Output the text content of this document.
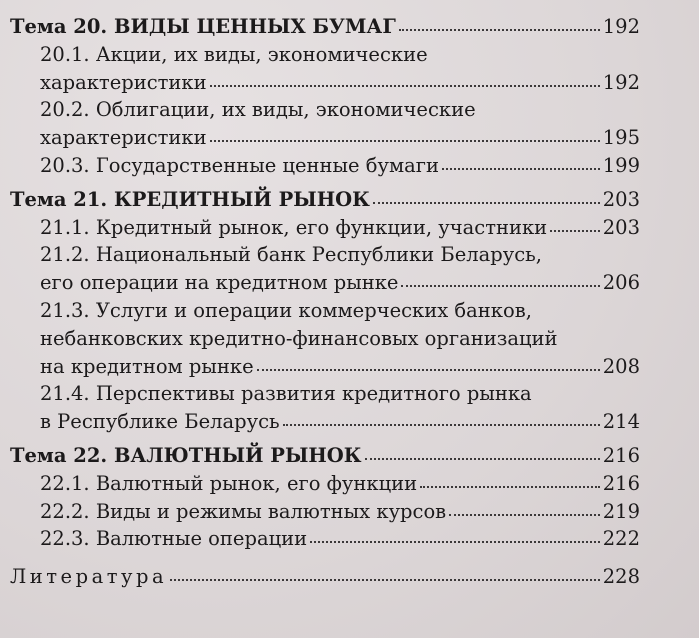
Тема 20. ВИДЫ ЦЕННЫХ БУМАГ	192
20.1. Акции, их виды, экономические
характеристики	192
20.2. Облигации, их виды, экономические
характеристики	195
20.3. Государственные ценные бумаги	199
Тема 21. КРЕДИТНЫЙ РЫНОК	203
21.1. Кредитный рынок, его функции, участники	203
21.2. Национальный банк Республики Беларусь,
его операции на кредитном рынке	206
21.3. Услуги и операции коммерческих банков,
небанковских кредитно-финансовых организаций
на кредитном рынке	208
21.4. Перспективы развития кредитного рынка
в Республике Беларусь	214
Тема 22. ВАЛЮТНЫЙ РЫНОК	216
22.1. Валютный рынок, его функции	216
22.2. Виды и режимы валютных курсов	219
22.3. Валютные операции	222
Литература	228
